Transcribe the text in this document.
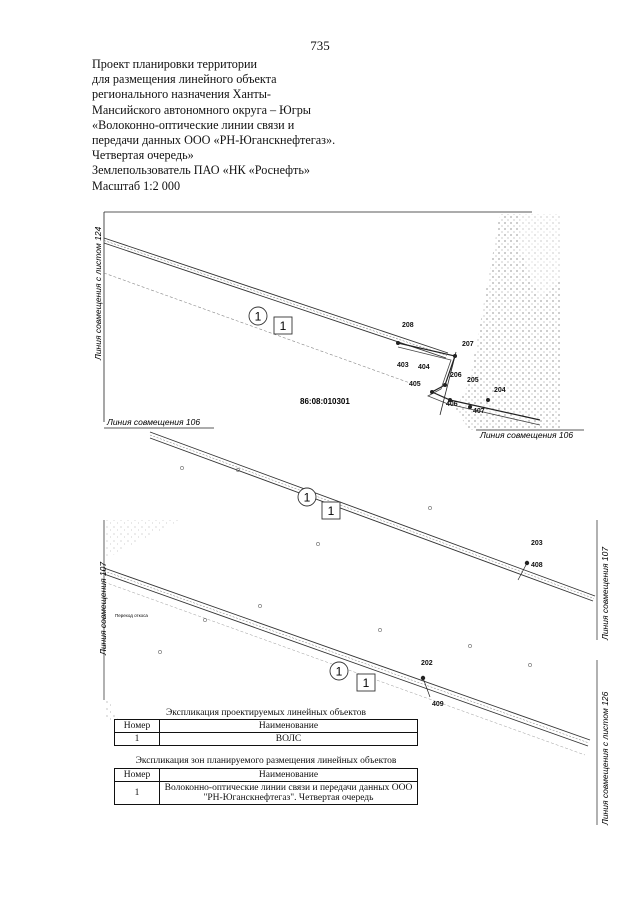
735
Проект планировки территории
для размещения линейного объекта
регионального назначения Ханты-
Мансийского автономного округа – Югры
«Волоконно-оптические линии связи и
передачи данных ООО «РН-Юганскнефтегаз».
Четвертая очередь»
Землепользователь ПАО «НК «Роснефть»
Масштаб 1:2 000
1
1	208
207
403 404
206
205
405
406
204
407
86:08:010301
Линия совмещения с листом 124
Линия совмещения 106
Линия совмещения 106
1
1
1
1
203
408
202
409
Переход откоса
Линия совмещения 107	Линия совмещения 107
Линия совмещения с листом 126
Экспликация проектируемых линейных объектов
Номер	Наименование
1	ВОЛС
Экспликация зон планируемого размещения линейных объектов
Номер	Наименование
1	Волоконно-оптические линии связи и передачи данных ООО "РН-Юганскнефтегаз". Четвертая очередь
